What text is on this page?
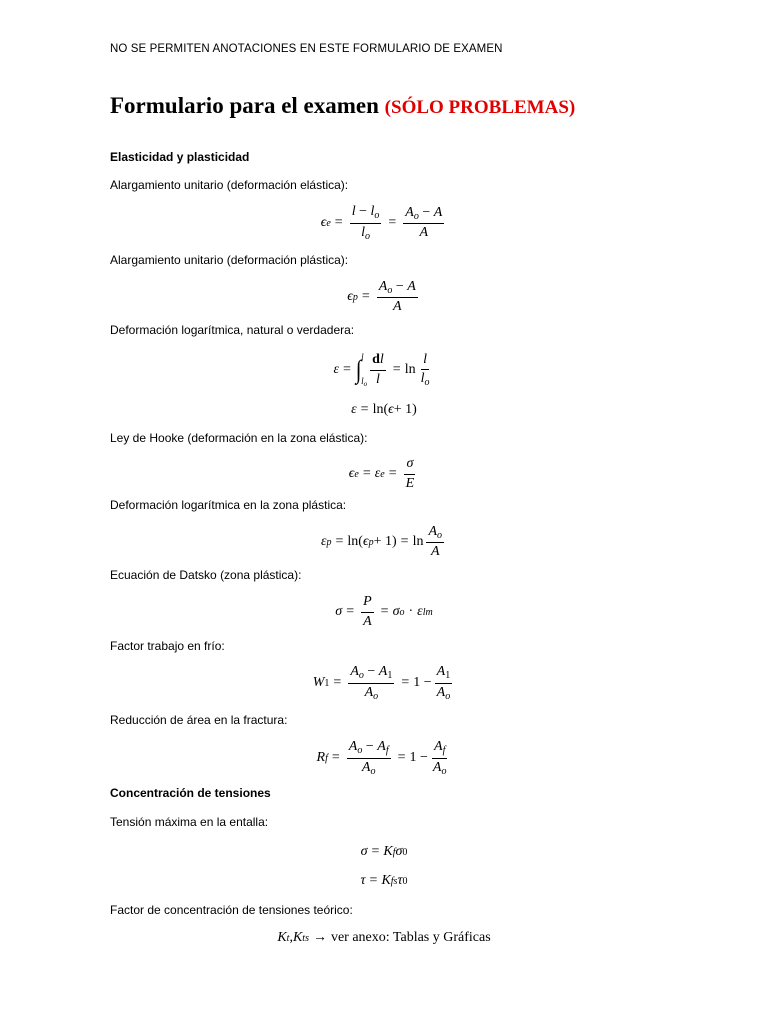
NO SE PERMITEN ANOTACIONES EN ESTE FORMULARIO DE EXAMEN
Formulario para el examen (SÓLO PROBLEMAS)
Elasticidad y plasticidad
Alargamiento unitario (deformación elástica):
ϵ $e = \frac{l - l_o}{l_o} = \frac{A_o - A}{A}$
Alargamiento unitario (deformación plástica):
ϵ $p = \frac{A_o - A}{A}$
Deformación logarítmica, natural o verdadera:
ε = ∫ l
$l_o \frac{dl}{l} = \ln \frac{l}{l_o}$
ε = ln( ϵ + 1)
Ley de Hooke (deformación en la zona elástica):
ϵ e = ε $e = \frac{\sigma}{E}$
Deformación logarítmica en la zona plástica:
ε p = ln( ϵ $p + 1) = \ln \frac{A_o}{A}$
Ecuación de Datsko (zona plástica):
$\sigma = \frac{P}{A} = \sigma$ o · ε l m
Factor trabajo en frío:
W $1 = \frac{A_o - A_1}{A_o} = 1 - \frac{A_1}{A_o}$
Reducción de área en la fractura:
R $f = \frac{A_o - A_f}{A_o} = 1 - \frac{A_f}{A_o}$
Concentración de tensiones
Tensión máxima en la entalla:
σ = K f σ 0
τ = K fs τ 0
Factor de concentración de tensiones teórico:
K t , K ts → ver anexo: Tablas y Gráficas
